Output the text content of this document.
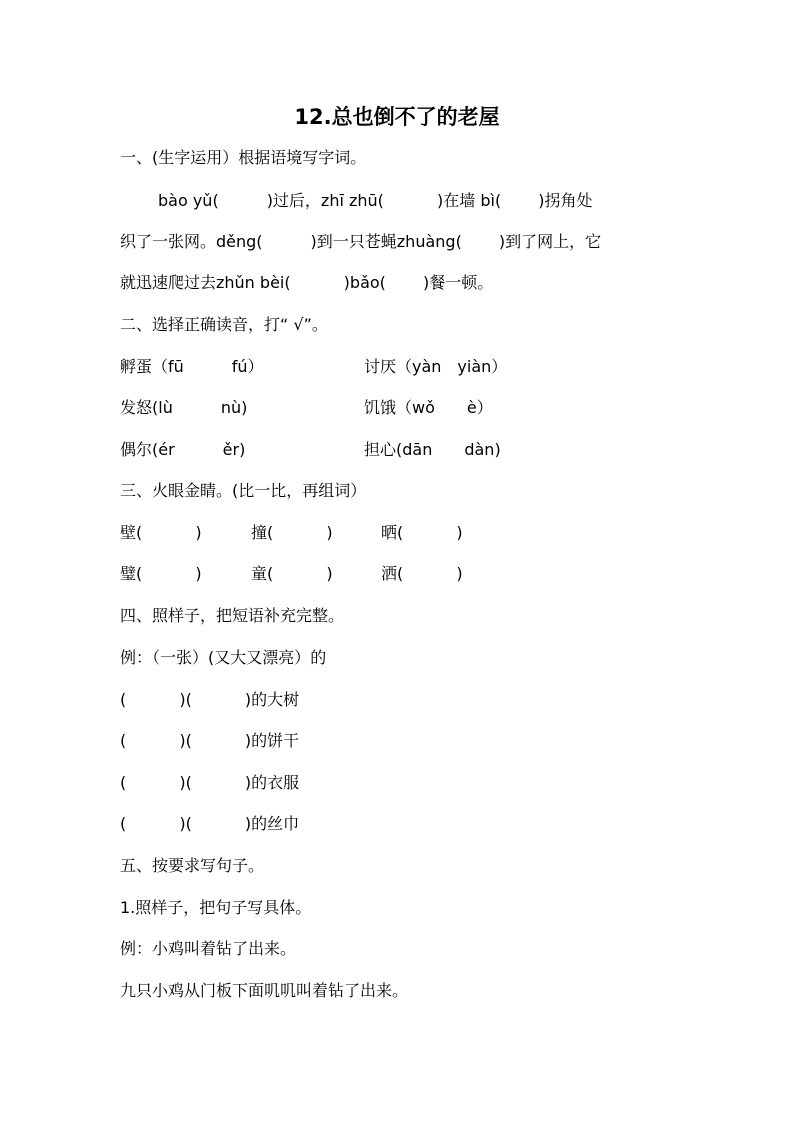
12.总也倒不了的老屋
一、(生字运用）根据语境写字词。
bào yǔ(　　　)过后，zhī zhū(　　　 )在墙 bì(　　 )拐角处
织了一张网。děng(　　　)到一只苍蝇zhuàng(　　 )到了网上，它
就迅速爬过去zhǔn bèi(　　　 )bǎo(　　 )餐一顿。
二、选择正确读音，打“ √”。
孵蛋（fū　　　fú）	讨厌（yàn　yiàn）
发怒(lù　　　nù)	饥饿（wǒ　　è）
偶尔(ér　　　ěr)	担心(dān　　dàn)
三、火眼金睛。(比一比，再组词）
壁(　　　 )	撞(　　　 )	晒(　　　 )
璧(　　　 )	童(　　　 )	洒(　　　 )
四、照样子，把短语补充完整。
例：（一张）(又大又漂亮）的
(　　　 )(　　　 )的大树
(　　　 )(　　　 )的饼干
(　　　 )(　　　 )的衣服
(　　　 )(　　　 )的丝巾
五、按要求写句子。
1.照样子，把句子写具体。
例：小鸡叫着钻了出来。
九只小鸡从门板下面叽叽叫着钻了出来。
